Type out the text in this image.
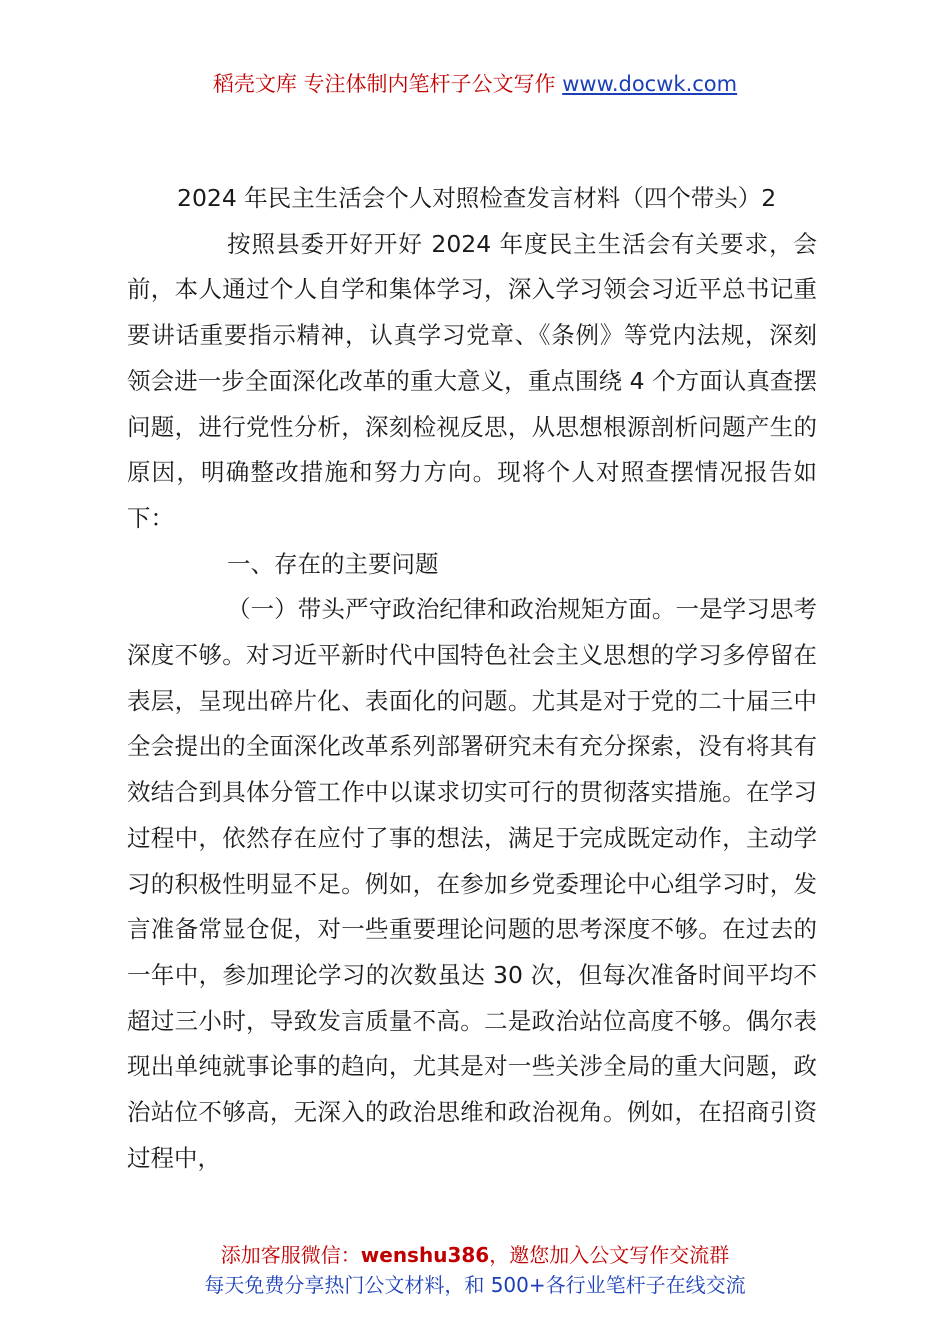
稻壳文库 专注体制内笔杆子公文写作 www.docwk.com

2024 年民主生活会个人对照检查发言材料（四个带头）2

按照县委开好开好 2024 年度民主生活会有关要求，会前，本人通过个人自学和集体学习，深入学习领会习近平总书记重要讲话重要指示精神，认真学习党章、《条例》等党内法规，深刻领会进一步全面深化改革的重大意义，重点围绕 4 个方面认真查摆问题，进行党性分析，深刻检视反思，从思想根源剖析问题产生的原因，明确整改措施和努力方向。现将个人对照查摆情况报告如下：

一、存在的主要问题

（一）带头严守政治纪律和政治规矩方面。一是学习思考深度不够。对习近平新时代中国特色社会主义思想的学习多停留在表层，呈现出碎片化、表面化的问题。尤其是对于党的二十届三中全会提出的全面深化改革系列部署研究未有充分探索，没有将其有效结合到具体分管工作中以谋求切实可行的贯彻落实措施。在学习过程中，依然存在应付了事的想法，满足于完成既定动作，主动学习的积极性明显不足。例如，在参加乡党委理论中心组学习时，发言准备常显仓促，对一些重要理论问题的思考深度不够。在过去的一年中，参加理论学习的次数虽达 30 次，但每次准备时间平均不超过三小时，导致发言质量不高。二是政治站位高度不够。偶尔表现出单纯就事论事的趋向，尤其是对一些关涉全局的重大问题，政治站位不够高，无深入的政治思维和政治视角。例如，在招商引资过程中，

添加客服微信：wenshu386，邀您加入公文写作交流群
每天免费分享热门公文材料，和 500+各行业笔杆子在线交流
